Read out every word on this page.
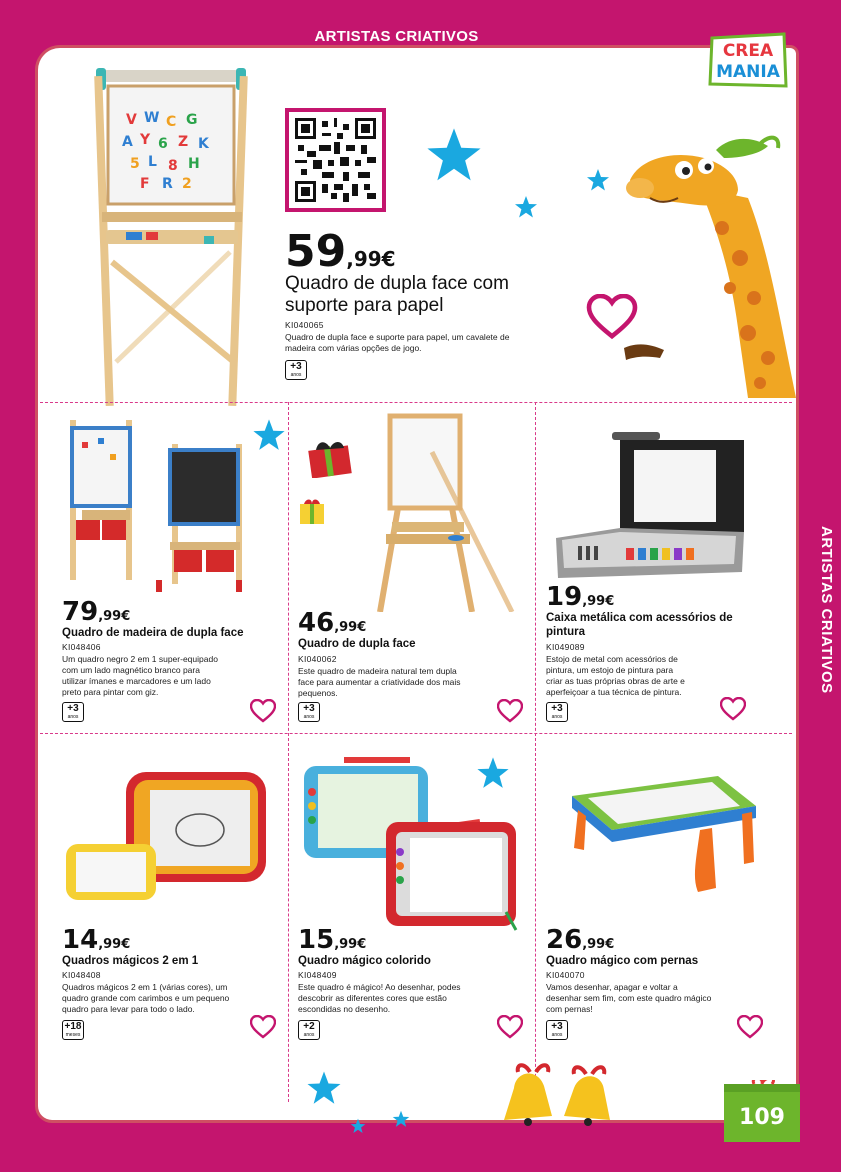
ARTISTAS CRIATIVOS
ARTISTAS CRIATIVOS
CREA
MANIA
V W C G
A Y 6 Z K
5 L 8 H
F R 2
59,99€
Quadro de dupla face com
suporte para papel
KI040065
Quadro de dupla face e suporte para papel, um cavalete de
madeira com várias opções de jogo.
+3
anos
109
79,99€
Quadro de madeira de dupla face
KI048406
Um quadro negro 2 em 1 super-equipado
com um lado magnético branco para
utilizar ímanes e marcadores e um lado
preto para pintar com giz.
+3
anos
46,99€
Quadro de dupla face
KI040062
Este quadro de madeira natural tem dupla
face para aumentar a criatividade dos mais
pequenos.
+3
anos
19,99€
Caixa metálica com acessórios de
pintura
KI049089
Estojo de metal com acessórios de
pintura, um estojo de pintura para
criar as tuas próprias obras de arte e
aperfeiçoar a tua técnica de pintura.
+3
anos
14,99€
Quadros mágicos 2 em 1
KI048408
Quadros mágicos 2 em 1 (várias cores), um
quadro grande com carimbos e um pequeno
quadro para levar para todo o lado.
+18
meses
15,99€
Quadro mágico colorido
KI048409
Este quadro é mágico! Ao desenhar, podes
descobrir as diferentes cores que estão
escondidas no desenho.
+2
anos
26,99€
Quadro mágico com pernas
KI040070
Vamos desenhar, apagar e voltar a
desenhar sem fim, com este quadro mágico
com pernas!
+3
anos
